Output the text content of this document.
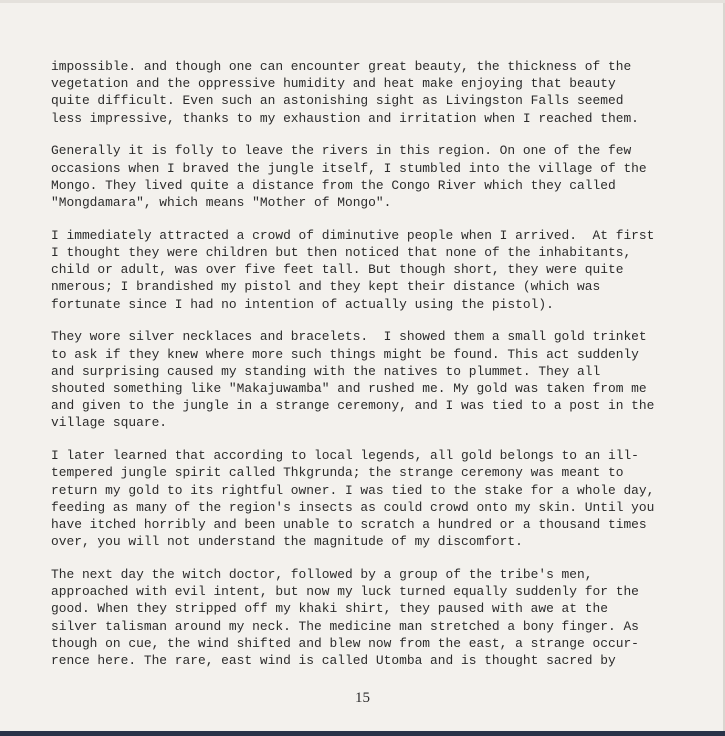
impossible. and though one can encounter great beauty, the thickness of the
vegetation and the oppressive humidity and heat make enjoying that beauty
quite difficult. Even such an astonishing sight as Livingston Falls seemed
less impressive, thanks to my exhaustion and irritation when I reached them.

Generally it is folly to leave the rivers in this region. On one of the few
occasions when I braved the jungle itself, I stumbled into the village of the
Mongo. They lived quite a distance from the Congo River which they called
"Mongdamara", which means "Mother of Mongo".

I immediately attracted a crowd of diminutive people when I arrived.  At first
I thought they were children but then noticed that none of the inhabitants,
child or adult, was over five feet tall. But though short, they were quite
nmerous; I brandished my pistol and they kept their distance (which was
fortunate since I had no intention of actually using the pistol).

They wore silver necklaces and bracelets.  I showed them a small gold trinket
to ask if they knew where more such things might be found. This act suddenly
and surprising caused my standing with the natives to plummet. They all
shouted something like "Makajuwamba" and rushed me. My gold was taken from me
and given to the jungle in a strange ceremony, and I was tied to a post in the
village square.

I later learned that according to local legends, all gold belongs to an ill-
tempered jungle spirit called Thkgrunda; the strange ceremony was meant to
return my gold to its rightful owner. I was tied to the stake for a whole day,
feeding as many of the region's insects as could crowd onto my skin. Until you
have itched horribly and been unable to scratch a hundred or a thousand times
over, you will not understand the magnitude of my discomfort.

The next day the witch doctor, followed by a group of the tribe's men,
approached with evil intent, but now my luck turned equally suddenly for the
good. When they stripped off my khaki shirt, they paused with awe at the
silver talisman around my neck. The medicine man stretched a bony finger. As
though on cue, the wind shifted and blew now from the east, a strange occur-
rence here. The rare, east wind is called Utomba and is thought sacred by

15
